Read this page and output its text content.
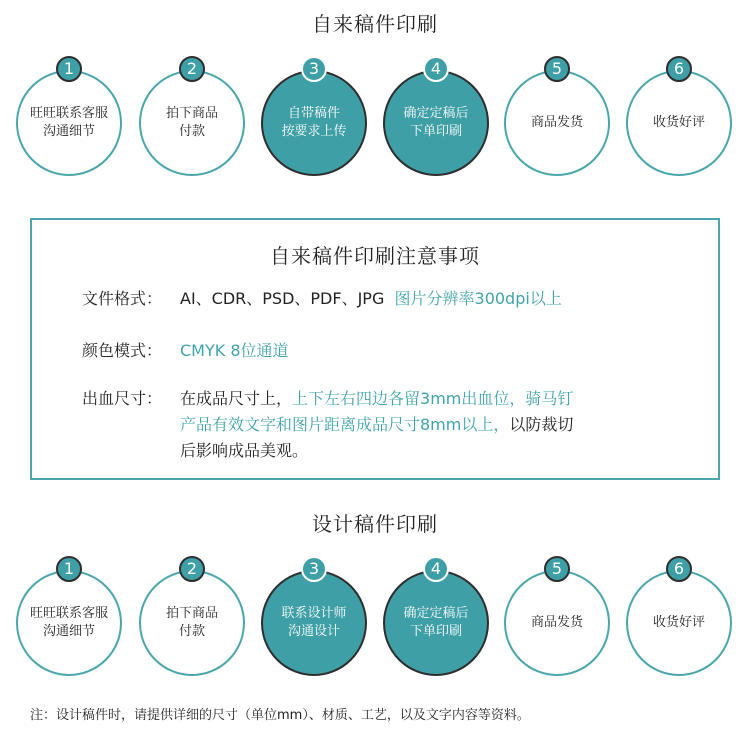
自来稿件印刷
1
旺旺联系客服
沟通细节
2
拍下商品
付款
3
自带稿件
按要求上传
4
确定定稿后
下单印刷
5
商品发货
6
收货好评
自来稿件印刷注意事项
文件格式： AI、CDR、PSD、PDF、JPG 图片分辨率300dpi以上
颜色模式： CMYK 8位通道
出血尺寸： 在成品尺寸上，上下左右四边各留3mm出血位，骑马钉
产品有效文字和图片距离成品尺寸8mm以上，以防裁切
后影响成品美观。
设计稿件印刷
1
旺旺联系客服
沟通细节
2
拍下商品
付款
3
联系设计师
沟通设计
4
确定定稿后
下单印刷
5
商品发货
6
收货好评
注：设计稿件时，请提供详细的尺寸（单位mm）、材质、工艺，以及文字内容等资料。
